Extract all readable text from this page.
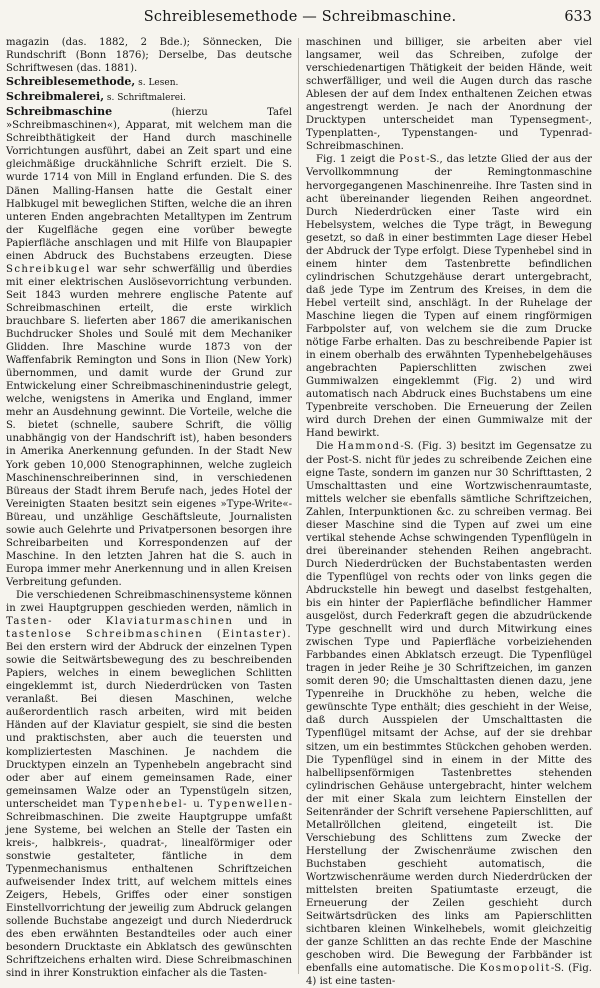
Schreiblesemethode — Schreibmaschine.	633

magazin (das. 1882, 2 Bde.); Sönnecken, Die Rundschrift (Bonn 1876); Derselbe, Das deutsche Schriftwesen (das. 1881).

Schreiblesemethode, s. Lesen.

Schreibmalerei, s. Schriftmalerei.

Schreibmaschine (hierzu Tafel »Schreibmaschinen«), Apparat, mit welchem man die Schreibthätigkeit der Hand durch maschinelle Vorrichtungen ausführt, dabei an Zeit spart und eine gleichmäßige druckähnliche Schrift erzielt. Die S. wurde 1714 von Mill in England erfunden. Die S. des Dänen Malling-Hansen hatte die Gestalt einer Halbkugel mit beweglichen Stiften, welche die an ihren unteren Enden angebrachten Metalltypen im Zentrum der Kugelfläche gegen eine vorüber bewegte Papierfläche anschlagen und mit Hilfe von Blaupapier einen Abdruck des Buchstabens erzeugten. Diese Schreibkugel war sehr schwerfällig und überdies mit einer elektrischen Auslösevorrichtung verbunden. Seit 1843 wurden mehrere englische Patente auf Schreibmaschinen erteilt, die erste wirklich brauchbare S. lieferten aber 1867 die amerikanischen Buchdrucker Sholes und Soulé mit dem Mechaniker Glidden. Ihre Maschine wurde 1873 von der Waffenfabrik Remington und Sons in Ilion (New York) übernommen, und damit wurde der Grund zur Entwickelung einer Schreibmaschinenindustrie gelegt, welche, wenigstens in Amerika und England, immer mehr an Ausdehnung gewinnt. Die Vorteile, welche die S. bietet (schnelle, saubere Schrift, die völlig unabhängig von der Handschrift ist), haben besonders in Amerika Anerkennung gefunden. In der Stadt New York geben 10,000 Stenographinnen, welche zugleich Maschinenschreiberinnen sind, in verschiedenen Büreaus der Stadt ihrem Berufe nach, jedes Hotel der Vereinigten Staaten besitzt sein eigenes »Type-Write«-Büreau, und unzählige Geschäftsleute, Journalisten sowie auch Gelehrte und Privatpersonen besorgen ihre Schreibarbeiten und Korrespondenzen auf der Maschine. In den letzten Jahren hat die S. auch in Europa immer mehr Anerkennung und in allen Kreisen Verbreitung gefunden.

Die verschiedenen Schreibmaschinensysteme können in zwei Hauptgruppen geschieden werden, nämlich in Tasten- oder Klaviaturmaschinen und in tastenlose Schreibmaschinen (Eintaster). Bei den erstern wird der Abdruck der einzelnen Typen sowie die Seitwärtsbewegung des zu beschreibenden Papiers, welches in einem beweglichen Schlitten eingeklemmt ist, durch Niederdrücken von Tasten veranlaßt. Bei diesen Maschinen, welche außerordentlich rasch arbeiten, wird mit beiden Händen auf der Klaviatur gespielt, sie sind die besten und praktischsten, aber auch die teuersten und kompliziertesten Maschinen. Je nachdem die Drucktypen einzeln an Typenhebeln angebracht sind oder aber auf einem gemeinsamen Rade, einer gemeinsamen Walze oder an Typenstügeln sitzen, unterscheidet man Typenhebel- u. Typenwellen-Schreibmaschinen. Die zweite Hauptgruppe umfaßt jene Systeme, bei welchen an Stelle der Tasten ein kreis-, halbkreis-, quadrat-, linealförmiger oder sonstwie gestalteter, fäntliche in dem Typenmechanismus enthaltenen Schriftzeichen aufweisender Index tritt, auf welchem mittels eines Zeigers, Hebels, Griffes oder einer sonstigen Einstellvorrichtung der jeweilig zum Abdruck gelangen sollende Buchstabe angezeigt und durch Niederdruck des eben erwähnten Bestandteiles oder auch einer besondern Drucktaste ein Abklatsch des gewünschten Schriftzeichens erhalten wird. Diese Schreibmaschinen sind in ihrer Konstruktion einfacher als die Tasten-

maschinen und billiger, sie arbeiten aber viel langsamer, weil das Schreiben, zufolge der verschiedenartigen Thätigkeit der beiden Hände, weit schwerfälliger, und weil die Augen durch das rasche Ablesen der auf dem Index enthaltenen Zeichen etwas angestrengt werden. Je nach der Anordnung der Drucktypen unterscheidet man Typensegment-, Typenplatten-, Typenstangen- und Typenrad-Schreibmaschinen.

Fig. 1 zeigt die Post-S., das letzte Glied der aus der Vervollkommnung der Remingtonmaschine hervorgegangenen Maschinenreihe. Ihre Tasten sind in acht übereinander liegenden Reihen angeordnet. Durch Niederdrücken einer Taste wird ein Hebelsystem, welches die Type trägt, in Bewegung gesetzt, so daß in einer bestimmten Lage dieser Hebel der Abdruck der Type erfolgt. Diese Typenhebel sind in einem hinter dem Tastenbrette befindlichen cylindrischen Schutzgehäuse derart untergebracht, daß jede Type im Zentrum des Kreises, in dem die Hebel verteilt sind, anschlägt. In der Ruhelage der Maschine liegen die Typen auf einem ringförmigen Farbpolster auf, von welchem sie die zum Drucke nötige Farbe erhalten. Das zu beschreibende Papier ist in einem oberhalb des erwähnten Typenhebelgehäuses angebrachten Papierschlitten zwischen zwei Gummiwalzen eingeklemmt (Fig. 2) und wird automatisch nach Abdruck eines Buchstabens um eine Typenbreite verschoben. Die Erneuerung der Zeilen wird durch Drehen der einen Gummiwalze mit der Hand bewirkt.

Die Hammond-S. (Fig. 3) besitzt im Gegensatze zu der Post-S. nicht für jedes zu schreibende Zeichen eine eigne Taste, sondern im ganzen nur 30 Schrifttasten, 2 Umschalttasten und eine Wortzwischenraumtaste, mittels welcher sie ebenfalls sämtliche Schriftzeichen, Zahlen, Interpunktionen &c. zu schreiben vermag. Bei dieser Maschine sind die Typen auf zwei um eine vertikal stehende Achse schwingenden Typenflügeln in drei übereinander stehenden Reihen angebracht. Durch Niederdrücken der Buchstabentasten werden die Typenflügel von rechts oder von links gegen die Abdruckstelle hin bewegt und daselbst festgehalten, bis ein hinter der Papierfläche befindlicher Hammer ausgelöst, durch Federkraft gegen die abzudrückende Type geschnellt wird und durch Mitwirkung eines zwischen Type und Papierfläche vorbeiziehenden Farbbandes einen Abklatsch erzeugt. Die Typenflügel tragen in jeder Reihe je 30 Schriftzeichen, im ganzen somit deren 90; die Umschalttasten dienen dazu, jene Typenreihe in Druckhöhe zu heben, welche die gewünschte Type enthält; dies geschieht in der Weise, daß durch Ausspielen der Umschalttasten die Typenflügel mitsamt der Achse, auf der sie drehbar sitzen, um ein bestimmtes Stückchen gehoben werden. Die Typenflügel sind in einem in der Mitte des halbellipsenförmigen Tastenbrettes stehenden cylindrischen Gehäuse untergebracht, hinter welchem der mit einer Skala zum leichtern Einstellen der Seitenränder der Schrift versehene Papierschlitten, auf Metallröllchen gleitend, eingeteilt ist. Die Verschiebung des Schlittens zum Zwecke der Herstellung der Zwischenräume zwischen den Buchstaben geschieht automatisch, die Wortzwischenräume werden durch Niederdrücken der mittelsten breiten Spatiumtaste erzeugt, die Erneuerung der Zeilen geschieht durch Seitwärtsdrücken des links am Papierschlitten sichtbaren kleinen Winkelhebels, womit gleichzeitig der ganze Schlitten an das rechte Ende der Maschine geschoben wird. Die Bewegung der Farbbänder ist ebenfalls eine automatische. Die Kosmopolit-S. (Fig. 4) ist eine tasten-
